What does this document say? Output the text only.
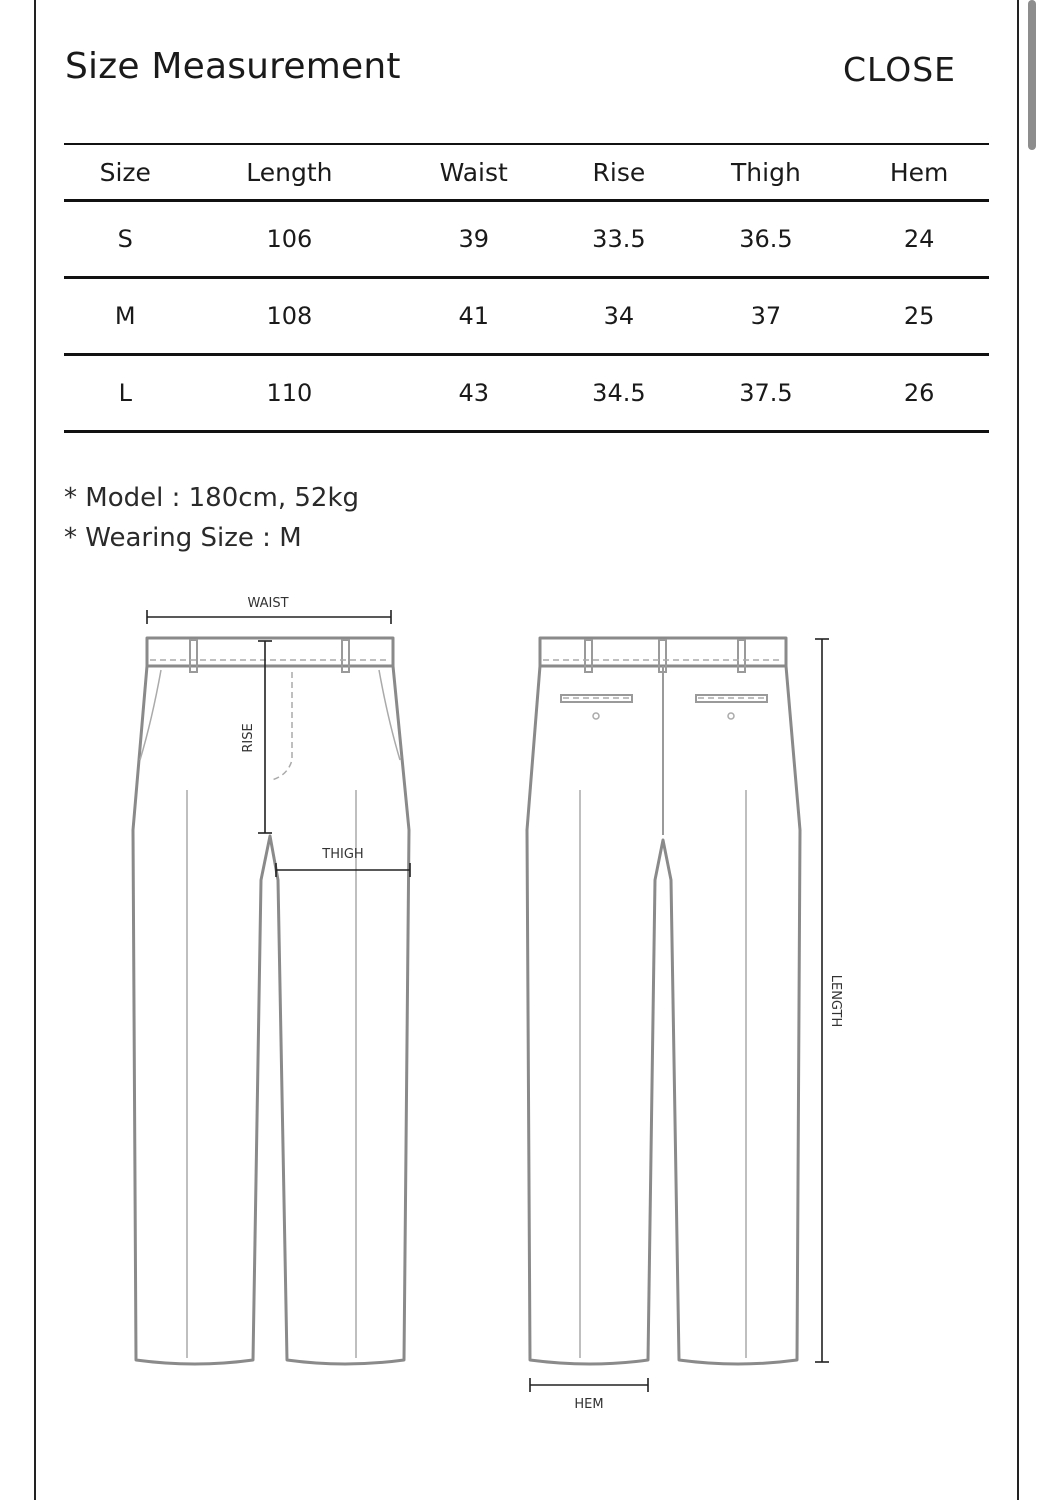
Size Measurement	CLOSE
Size	Length	Waist	Rise	Thigh	Hem
S	106	39	33.5	36.5	24
M	108	41	34	37	25
L	110	43	34.5	37.5	26
* Model : 180cm, 52kg
* Wearing Size : M
WAIST
RISE
THIGH
LENGTH
HEM
